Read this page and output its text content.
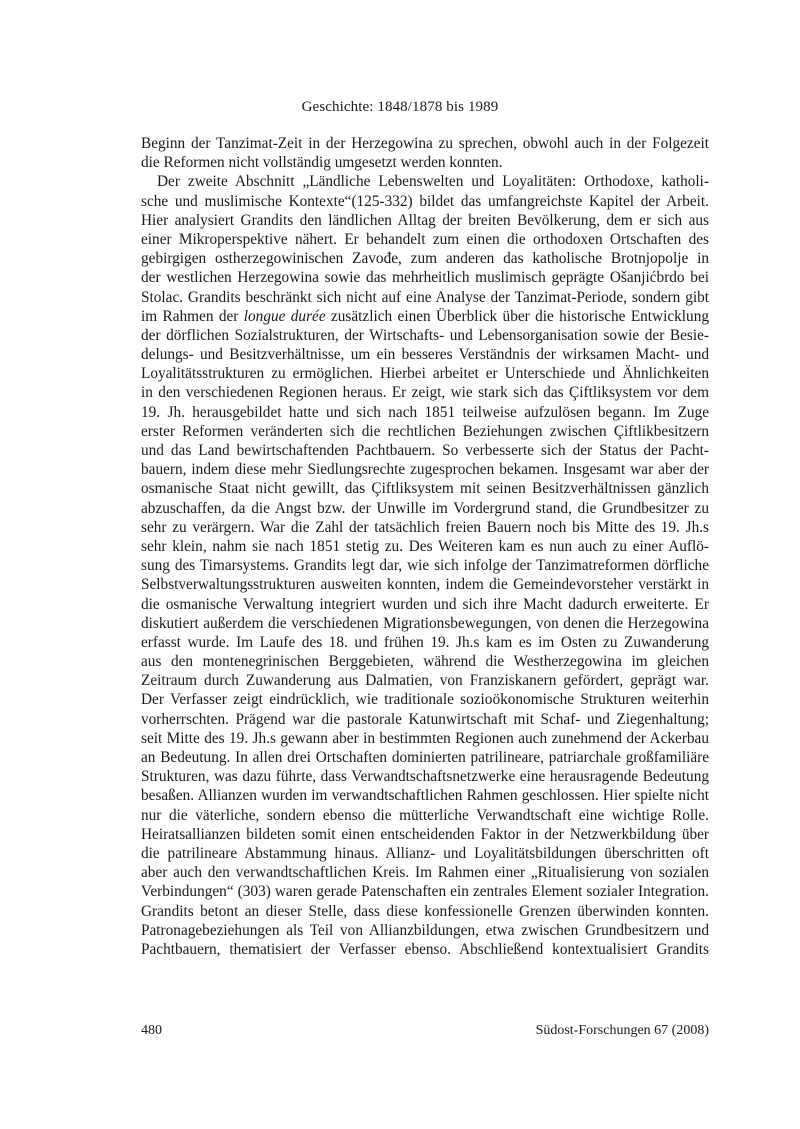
Geschichte: 1848/1878 bis 1989
Beginn der Tanzimat-Zeit in der Herzegowina zu sprechen, obwohl auch in der Folgezeit
die Reformen nicht vollständig umgesetzt werden konnten.
Der zweite Abschnitt „Ländliche Lebenswelten und Loyalitäten: Orthodoxe, katholi-
sche und muslimische Kontexte“(125-332) bildet das umfangreichste Kapitel der Arbeit.
Hier analysiert Grandits den ländlichen Alltag der breiten Bevölkerung, dem er sich aus
einer Mikroperspektive nähert. Er behandelt zum einen die orthodoxen Ortschaften des
gebirgigen ostherzegowinischen Zavođe, zum anderen das katholische Brotnjopolje in
der westlichen Herzegowina sowie das mehrheitlich muslimisch geprägte Ošanjićbrdo bei
Stolac. Grandits beschränkt sich nicht auf eine Analyse der Tanzimat-Periode, sondern gibt
im Rahmen der longue durée zusätzlich einen Überblick über die historische Entwicklung
der dörflichen Sozialstrukturen, der Wirtschafts- und Lebensorganisation sowie der Besie-
delungs- und Besitzverhältnisse, um ein besseres Verständnis der wirksamen Macht- und
Loyalitätsstrukturen zu ermöglichen. Hierbei arbeitet er Unterschiede und Ähnlichkeiten
in den verschiedenen Regionen heraus. Er zeigt, wie stark sich das Çiftliksystem vor dem
19. Jh. herausgebildet hatte und sich nach 1851 teilweise aufzulösen begann. Im Zuge
erster Reformen veränderten sich die rechtlichen Beziehungen zwischen Çiftlikbesitzern
und das Land bewirtschaftenden Pachtbauern. So verbesserte sich der Status der Pacht-
bauern, indem diese mehr Siedlungsrechte zugesprochen bekamen. Insgesamt war aber der
osmanische Staat nicht gewillt, das Çiftliksystem mit seinen Besitzverhältnissen gänzlich
abzuschaffen, da die Angst bzw. der Unwille im Vordergrund stand, die Grundbesitzer zu
sehr zu verärgern. War die Zahl der tatsächlich freien Bauern noch bis Mitte des 19. Jh.s
sehr klein, nahm sie nach 1851 stetig zu. Des Weiteren kam es nun auch zu einer Auflö-
sung des Timarsystems. Grandits legt dar, wie sich infolge der Tanzimatreformen dörfliche
Selbstverwaltungsstrukturen ausweiten konnten, indem die Gemeindevorsteher verstärkt in
die osmanische Verwaltung integriert wurden und sich ihre Macht dadurch erweiterte. Er
diskutiert außerdem die verschiedenen Migrationsbewegungen, von denen die Herzegowina
erfasst wurde. Im Laufe des 18. und frühen 19. Jh.s kam es im Osten zu Zuwanderung
aus den montenegrinischen Berggebieten, während die Westherzegowina im gleichen
Zeitraum durch Zuwanderung aus Dalmatien, von Franziskanern gefördert, geprägt war.
Der Verfasser zeigt eindrücklich, wie traditionale sozioökonomische Strukturen weiterhin
vorherrschten. Prägend war die pastorale Katunwirtschaft mit Schaf- und Ziegenhaltung;
seit Mitte des 19. Jh.s gewann aber in bestimmten Regionen auch zunehmend der Ackerbau
an Bedeutung. In allen drei Ortschaften dominierten patrilineare, patriarchale großfamiliäre
Strukturen, was dazu führte, dass Verwandtschaftsnetzwerke eine herausragende Bedeutung
besaßen. Allianzen wurden im verwandtschaftlichen Rahmen geschlossen. Hier spielte nicht
nur die väterliche, sondern ebenso die mütterliche Verwandtschaft eine wichtige Rolle.
Heiratsallianzen bildeten somit einen entscheidenden Faktor in der Netzwerkbildung über
die patrilineare Abstammung hinaus. Allianz- und Loyalitätsbildungen überschritten oft
aber auch den verwandtschaftlichen Kreis. Im Rahmen einer „Ritualisierung von sozialen
Verbindungen“ (303) waren gerade Patenschaften ein zentrales Element sozialer Integration.
Grandits betont an dieser Stelle, dass diese konfessionelle Grenzen überwinden konnten.
Patronagebeziehungen als Teil von Allianzbildungen, etwa zwischen Grundbesitzern und
Pachtbauern, thematisiert der Verfasser ebenso. Abschließend kontextualisiert Grandits
480	Südost-Forschungen 67 (2008)
